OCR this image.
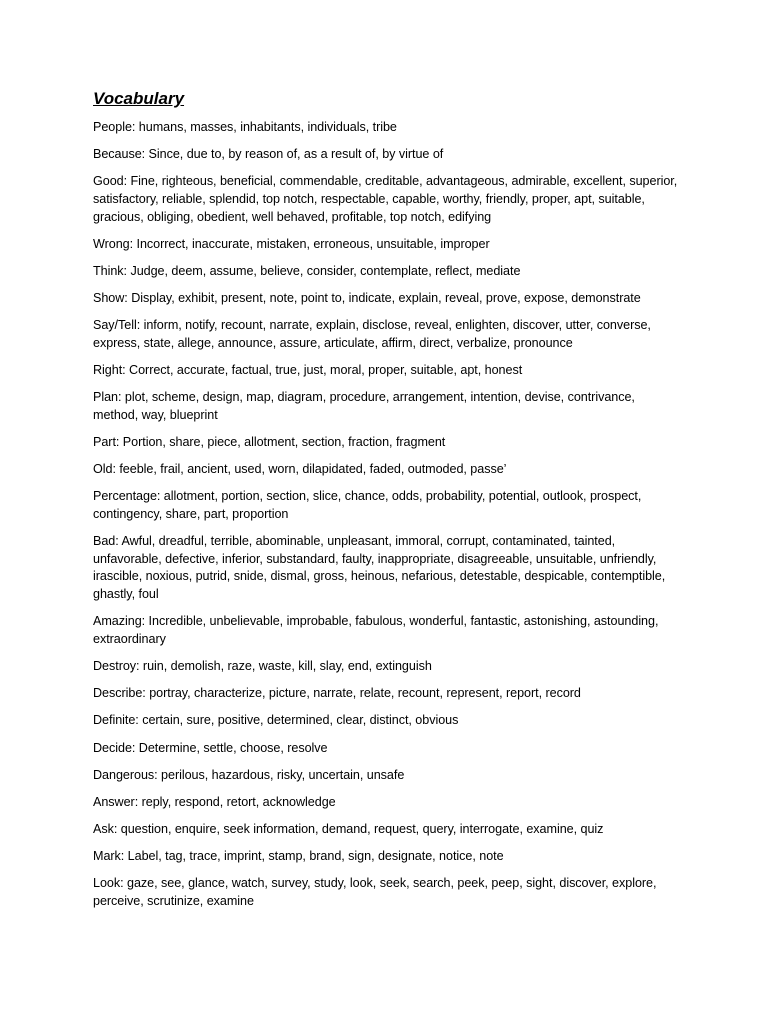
Vocabulary

People: humans, masses, inhabitants, individuals, tribe

Because: Since, due to, by reason of, as a result of, by virtue of

Good: Fine, righteous, beneficial, commendable, creditable, advantageous, admirable, excellent, superior, satisfactory, reliable, splendid, top notch, respectable, capable, worthy, friendly, proper, apt, suitable, gracious, obliging, obedient, well behaved, profitable, top notch, edifying

Wrong: Incorrect, inaccurate, mistaken, erroneous, unsuitable, improper

Think: Judge, deem, assume, believe, consider, contemplate, reflect, mediate

Show: Display, exhibit, present, note, point to, indicate, explain, reveal, prove, expose, demonstrate

Say/Tell: inform, notify, recount, narrate, explain, disclose, reveal, enlighten, discover, utter, converse, express, state, allege, announce, assure, articulate, affirm, direct, verbalize, pronounce

Right: Correct, accurate, factual, true, just, moral, proper, suitable, apt, honest

Plan: plot, scheme, design, map, diagram, procedure, arrangement, intention, devise, contrivance, method, way, blueprint

Part: Portion, share, piece, allotment, section, fraction, fragment

Old: feeble, frail, ancient, used, worn, dilapidated, faded, outmoded, passe’

Percentage: allotment, portion, section, slice, chance, odds, probability, potential, outlook, prospect, contingency, share, part, proportion

Bad: Awful, dreadful, terrible, abominable, unpleasant, immoral, corrupt, contaminated, tainted, unfavorable, defective, inferior, substandard, faulty, inappropriate, disagreeable, unsuitable, unfriendly, irascible, noxious, putrid, snide, dismal, gross, heinous, nefarious, detestable, despicable, contemptible, ghastly, foul

Amazing: Incredible, unbelievable, improbable, fabulous, wonderful, fantastic, astonishing, astounding, extraordinary

Destroy: ruin, demolish, raze, waste, kill, slay, end, extinguish

Describe: portray, characterize, picture, narrate, relate, recount, represent, report, record

Definite: certain, sure, positive, determined, clear, distinct, obvious

Decide: Determine, settle, choose, resolve

Dangerous: perilous, hazardous, risky, uncertain, unsafe

Answer: reply, respond, retort, acknowledge

Ask: question, enquire, seek information, demand, request, query, interrogate, examine, quiz

Mark: Label, tag, trace, imprint, stamp, brand, sign, designate, notice, note

Look: gaze, see, glance, watch, survey, study, look, seek, search, peek, peep, sight, discover, explore, perceive, scrutinize, examine
